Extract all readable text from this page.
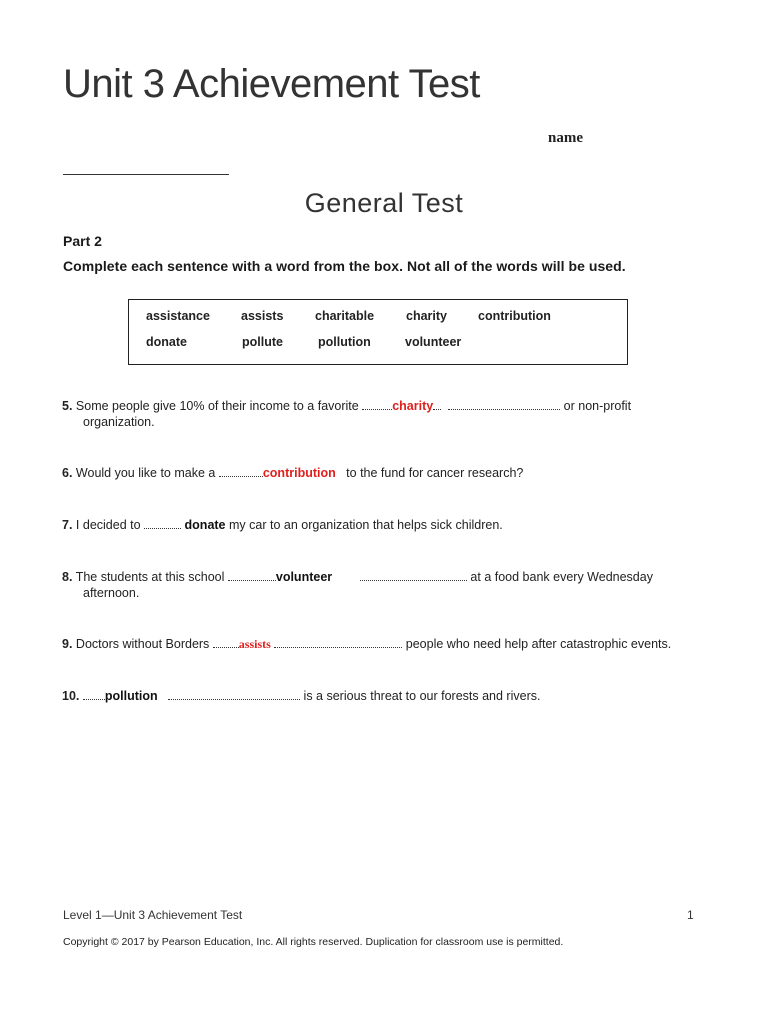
Unit 3 Achievement Test
name
General Test
Part 2
Complete each sentence with a word from the box. Not all of the words will be used.
assistance assists	charitable	charity contribution
donate	pollute	pollution	volunteer
5. Some people give 10% of their income to a favorite	charity	or non-profit
organization.
6. Would you like to make a	contribution to the fund for cancer research?
7. I decided to	donate my car to an organization that helps sick children.
8. The students at this school	volunteer	at a food bank every Wednesday
afternoon.
9. Doctors without Borders assists	people who need help after catastrophic events.
10. pollution	is a serious threat to our forests and rivers.
Level 1—Unit 3 Achievement Test	1
Copyright © 2017 by Pearson Education, Inc. All rights reserved. Duplication for classroom use is permitted.
